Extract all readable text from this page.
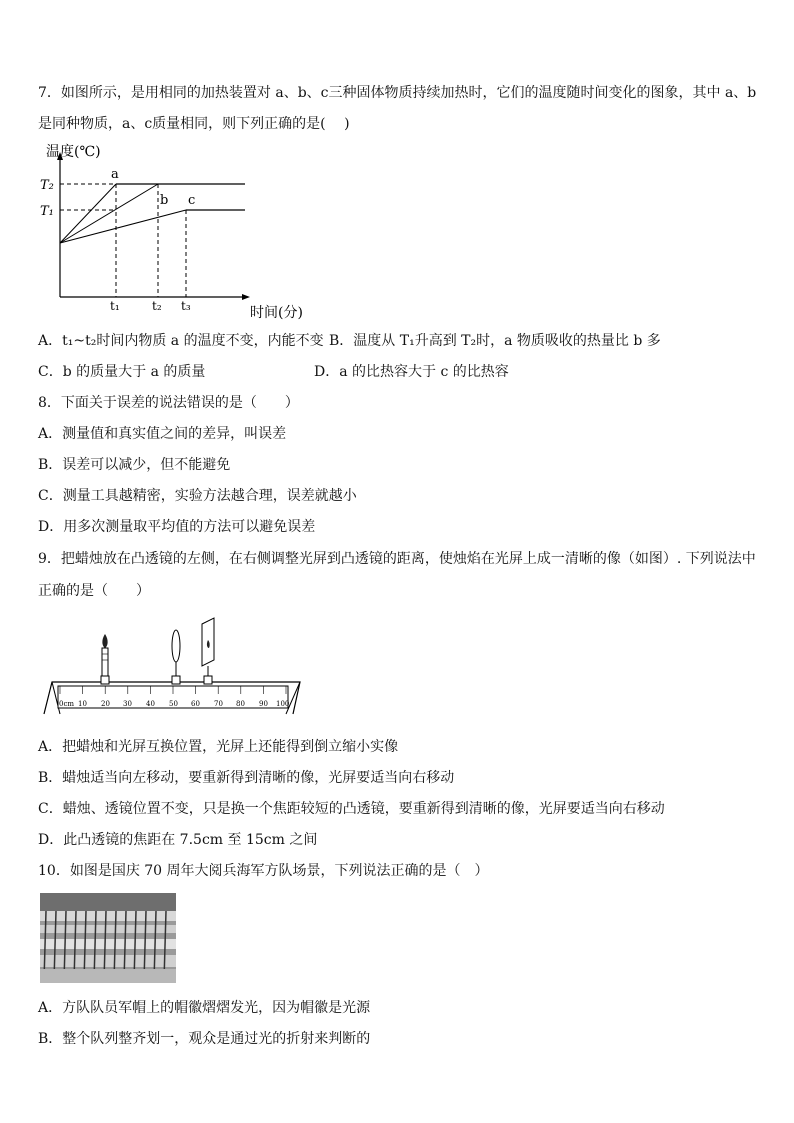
7．如图所示，是用相同的加热装置对 a、b、c三种固体物质持续加热时，它们的温度随时间变化的图象，其中 a、b
是同种物质，a、c质量相同，则下列正确的是(　 )
温度(℃)
时间(分)
T₂
T₁
a
b c
t₁	t₂ t₃
A．t₁~t₂时间内物质 a 的温度不变，内能不变 B．温度从 T₁升高到 T₂时，a 物质吸收的热量比 b 多
C．b 的质量大于 a 的质量	D．a 的比热容大于 c 的比热容
8．下面关于误差的说法错误的是（　　）
A．测量值和真实值之间的差异，叫误差
B．误差可以减少，但不能避免
C．测量工具越精密，实验方法越合理，误差就越小
D．用多次测量取平均值的方法可以避免误差
9．把蜡烛放在凸透镜的左侧，在右侧调整光屏到凸透镜的距离，使烛焰在光屏上成一清晰的像（如图）. 下列说法中
正确的是（　　）
0cm 10 20 30 40 50 60 70 80 90 100
A．把蜡烛和光屏互换位置，光屏上还能得到倒立缩小实像
B．蜡烛适当向左移动，要重新得到清晰的像，光屏要适当向右移动
C．蜡烛、透镜位置不变，只是换一个焦距较短的凸透镜，要重新得到清晰的像，光屏要适当向右移动
D．此凸透镜的焦距在 7.5cm 至 15cm 之间
10．如图是国庆 70 周年大阅兵海军方队场景，下列说法正确的是（　）
A．方队队员军帽上的帽徽熠熠发光，因为帽徽是光源
B．整个队列整齐划一，观众是通过光的折射来判断的
